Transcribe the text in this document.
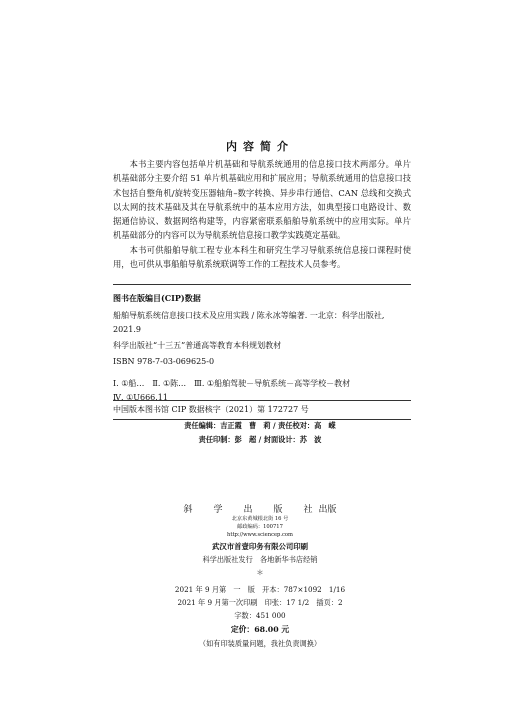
内容简介

本书主要内容包括单片机基础和导航系统通用的信息接口技术两部分。单片机基础部分主要介绍 51 单片机基础应用和扩展应用；导航系统通用的信息接口技术包括自整角机/旋转变压器轴角–数字转换、异步串行通信、CAN 总线和交换式以太网的技术基础及其在导航系统中的基本应用方法，如典型接口电路设计、数据通信协议、数据网络构建等，内容紧密联系船舶导航系统中的应用实际。单片机基础部分的内容可以为导航系统信息接口教学实践奠定基础。

本书可供船舶导航工程专业本科生和研究生学习导航系统信息接口课程时使用，也可供从事船舶导航系统联调等工作的工程技术人员参考。

图书在版编目(CIP)数据
船舶导航系统信息接口技术及应用实践 / 陈永冰等编著. 一北京：科学出版社,
2021.9
科学出版社“十三五”普通高等教育本科规划教材
ISBN 978-7-03-069625-0
Ⅰ. ①船…　Ⅱ. ①陈…　Ⅲ. ①船舶驾驶－导航系统－高等学校－教材
Ⅳ. ①U666.11
中国版本图书馆 CIP 数据核字（2021）第 172727 号
责任编辑：吉正霞　曹　莉 / 责任校对：高　嵘
责任印制：彭　超 / 封面设计：苏　波
斜　学　出　版　社出版
北京东黄城根北街 16 号
邮政编码：100717
http://www.sciencep.com
武汉市首壹印务有限公司印刷
科学出版社发行　各地新华书店经销
＊
2021 年 9 月第　一　版　开本：787×1092　1/16
2021 年 9 月第一次印刷　印张：17 1/2　插页：2
字数：451 000
定价：68.00 元
（如有印装质量问题，我社负责调换）
